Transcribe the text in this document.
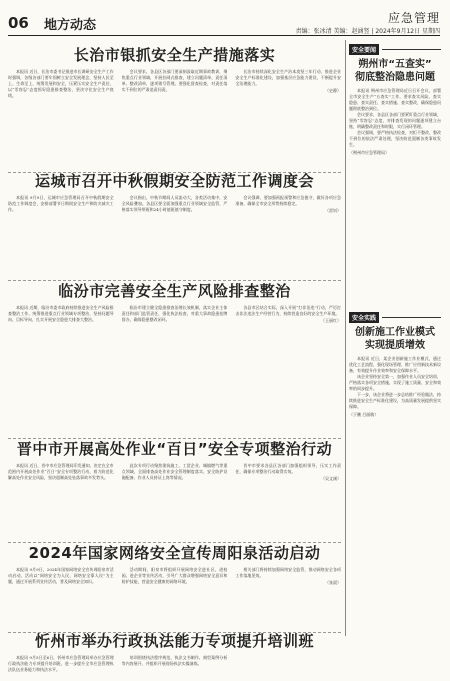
06 地方动态	应急管理
责编：张冰清 美编：赵涵竖 | 2024年9月12日 星期四
长治市银抓安全生产措施落实

本报讯 近日，长治市委书记推进市长调研安全生产工作时强调，各级各部门要牢固树立安全发展理念，坚持人民至上、生命至上，统筹发展和安全，压紧压实安全生产责任，以“零容忍”态度抓好隐患排查整治，坚决守住安全生产底线。

会议要求，各县区各部门要深刻汲取近期事故教训，聚焦重点行业领域，开展拉网式排查，建立问题清单、责任清单、整改清单，逐项销号管理。要强化督查检查，对责任落实不到位的严肃追责问责。

长治市持续深化安全生产治本攻坚三年行动，推进企业安全生产标准化建设，加强基层应急能力建设，不断提升安全治理能力。

（史静）
运城市召开中秋假期安全防范工作调度会

本报讯 9月9日，运城市应急管理局召开中秋假期安全防范工作调度会，安排部署节日期间安全生产和防灾减灾工作。

会议指出，中秋节期间人员流动大，各类活动集中，安全风险叠加。各县区要全面加强重点行业领域安全监管，严格落实领导带班和24小时值班值守制度。

会议强调，要加强预报预警和应急值守，做好各项应急准备，确保全市安全形势持续稳定。

（雷钊）
临汾市完善安全生产风险排查整治

本报讯 近期，临汾市委市政府持续推进安全生产风险排查整治工作，统筹推进重点行业领域专项整治，坚持问题导向、目标导向，扎实开展安全隐患大排查大整治。

临汾市建立健全隐患排查治理长效机制，落实企业主体责任和部门监管责任，强化执法检查，对重大事故隐患挂牌督办，确保隐患整改闭环。

各县市区结合实际，深入开展“打非治违”行动，严厉打击非法违法生产经营行为，持续营造良好的安全生产环境。

（王丽红）
晋中市开展高处作业“百日”安全专项整治行动

本报讯 近日，晋中市应急管理局印发通知，决定在全市范围内开展高处作业“百日”安全专项整治行动，着力防范化解高处作业安全风险，坚决遏制高处坠落事故多发势头。

此次专项行动聚焦建筑施工、工贸企业、城镇燃气等重点领域，全面排查高处作业安全管理制度落实、安全防护设施配备、作业人员持证上岗等情况。

晋中市要求各县区各部门加强组织领导，压实工作责任，确保专项整治行动取得实效。

（吴文刚）
2024年国家网络安全宣传周阳泉活动启动

本报讯 9月9日，2024年国家网络安全宣传周阳泉市活动启动。活动以“网络安全为人民，网络安全靠人民”为主题，通过开展系列宣传活动，普及网络安全知识。

活动期间，阳泉市将组织开展网络安全进社区、进校园、进企业等宣传活动，引导广大群众增强网络安全意识和防护技能，营造安全健康的网络环境。

相关部门将持续加强网络安全监管，推动网络安全各项工作落地见效。

（张晨）
忻州市举办行政执法能力专项提升培训班

本报讯 9月5日至6日，忻州市应急管理局举办应急管理行政执法能力专项提升培训班，进一步提升全市应急管理执法队伍业务能力和执法水平。

培训围绕执法程序规范、执法文书制作、典型案例分析等内容展开，并组织开展现场执法实操演练。

安全要闻
朔州市“五查实”
彻底整治隐患问题

本报讯 朔州市应急管理局近日召开会议，部署全市安全生产“五查实”工作，要求查实风险、查实隐患、查实责任、查实措施、查实整改，确保隐患问题彻底整治到位。

会议要求，各县区各部门要紧盯重点行业领域，坚持“零容忍”态度，对排查发现的问题逐项建立台账，明确整改责任和时限，实行闭环管理。

会议强调，要严格执法检查，对拒不整改、整改不到位的依法严肃处理，坚决防范遏制各类事故发生。

（朔州市应急管理局）
安全实践
创新施工作业模式
实现提质增效

本报讯 近日，某企业创新施工作业模式，通过优化工艺流程、强化现场管理、推广应用新技术新设备，有效提升作业效率和安全保障水平。

该企业坚持安全第一，加强作业人员安全培训，严格落实各项安全措施，实现了施工质量、安全和效率的同步提升。

下一步，该企业将进一步总结推广经验做法，持续推进安全生产标准化建设，为高质量发展提供坚实保障。

（于鹏 吕丽敏）
